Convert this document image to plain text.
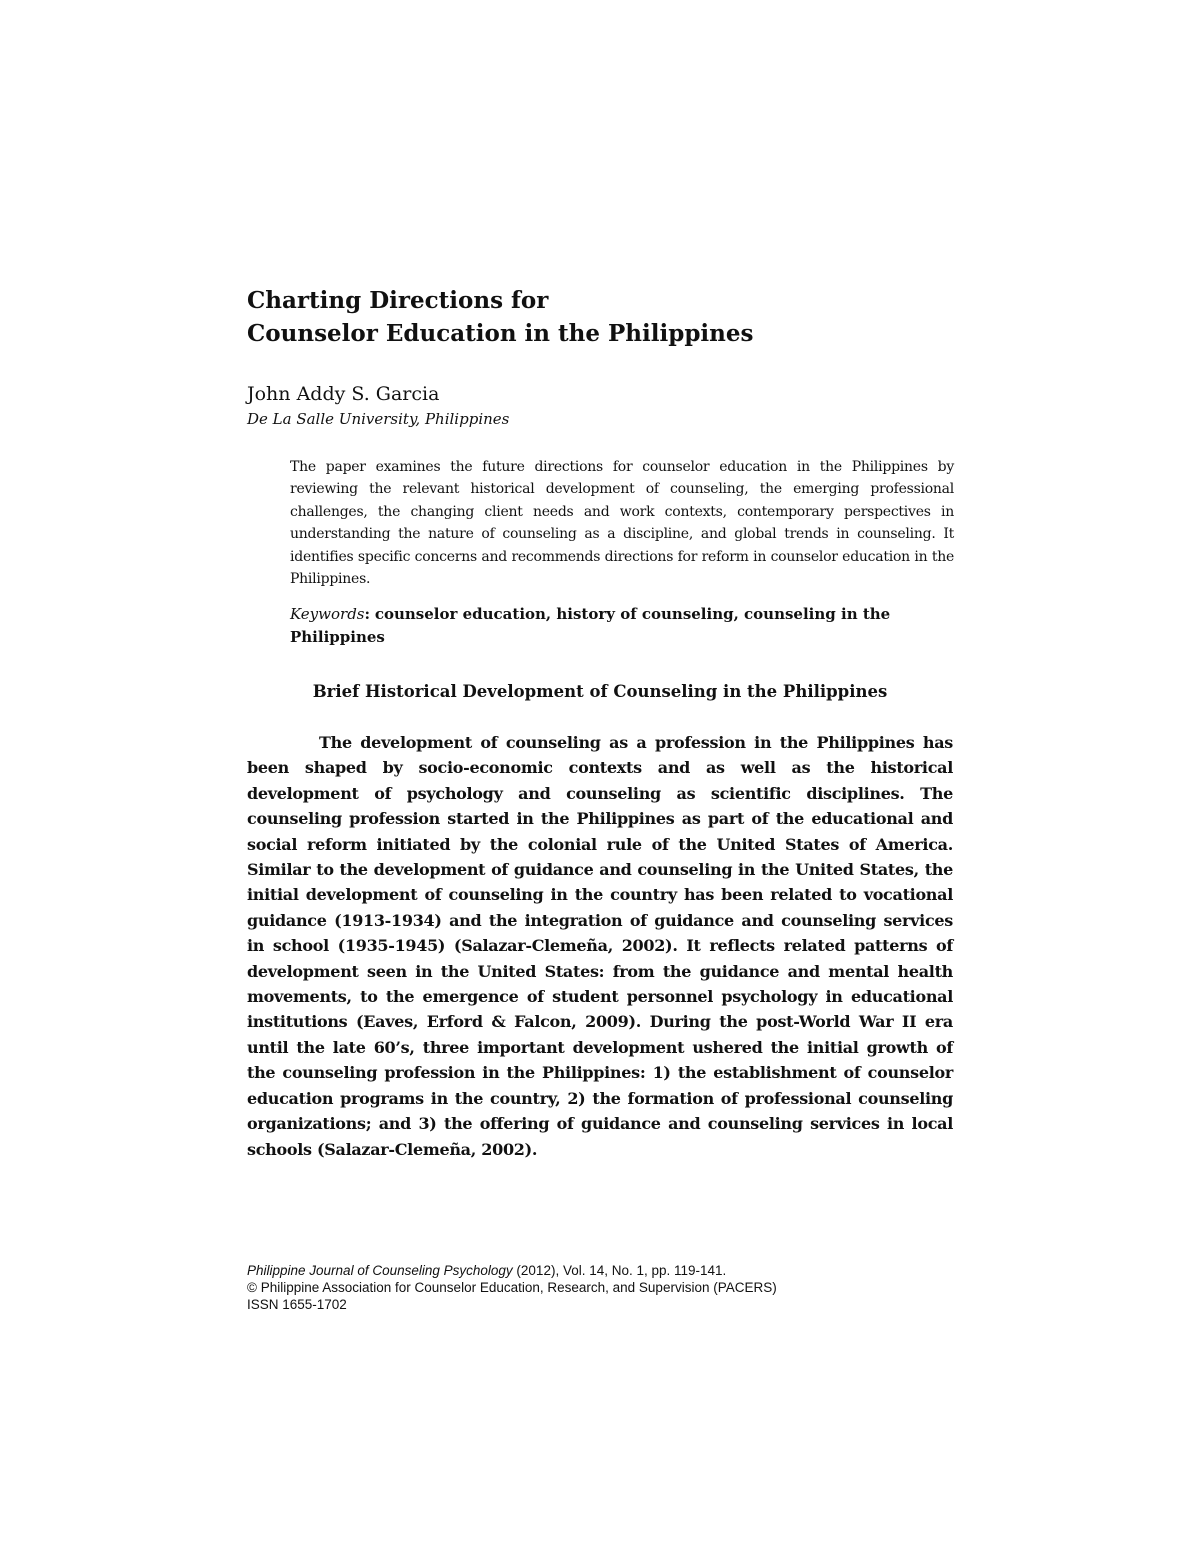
Charting Directions for
Counselor Education in the Philippines
John Addy S. Garcia
De La Salle University, Philippines
The paper examines the future directions for counselor education in the Philippines by reviewing the relevant historical development of counseling, the emerging professional challenges, the changing client needs and work contexts, contemporary perspectives in understanding the nature of counseling as a discipline, and global trends in counseling. It identifies specific concerns and recommends directions for reform in counselor education in the Philippines.
Keywords: counselor education, history of counseling, counseling in the Philippines
Brief Historical Development of Counseling in the Philippines
The development of counseling as a profession in the Philippines has been shaped by socio-economic contexts and as well as the historical development of psychology and counseling as scientific disciplines. The counseling profession started in the Philippines as part of the educational and social reform initiated by the colonial rule of the United States of America. Similar to the development of guidance and counseling in the United States, the initial development of counseling in the country has been related to vocational guidance (1913-1934) and the integration of guidance and counseling services in school (1935-1945) (Salazar-Clemeña, 2002). It reflects related patterns of development seen in the United States: from the guidance and mental health movements, to the emergence of student personnel psychology in educational institutions (Eaves, Erford & Falcon, 2009). During the post-World War II era until the late 60’s, three important development ushered the initial growth of the counseling profession in the Philippines: 1) the establishment of counselor education programs in the country, 2) the formation of professional counseling organizations; and 3) the offering of guidance and counseling services in local schools (Salazar-Clemeña, 2002).
Philippine Journal of Counseling Psychology (2012), Vol. 14, No. 1, pp. 119-141.
© Philippine Association for Counselor Education, Research, and Supervision (PACERS)
ISSN 1655-1702
